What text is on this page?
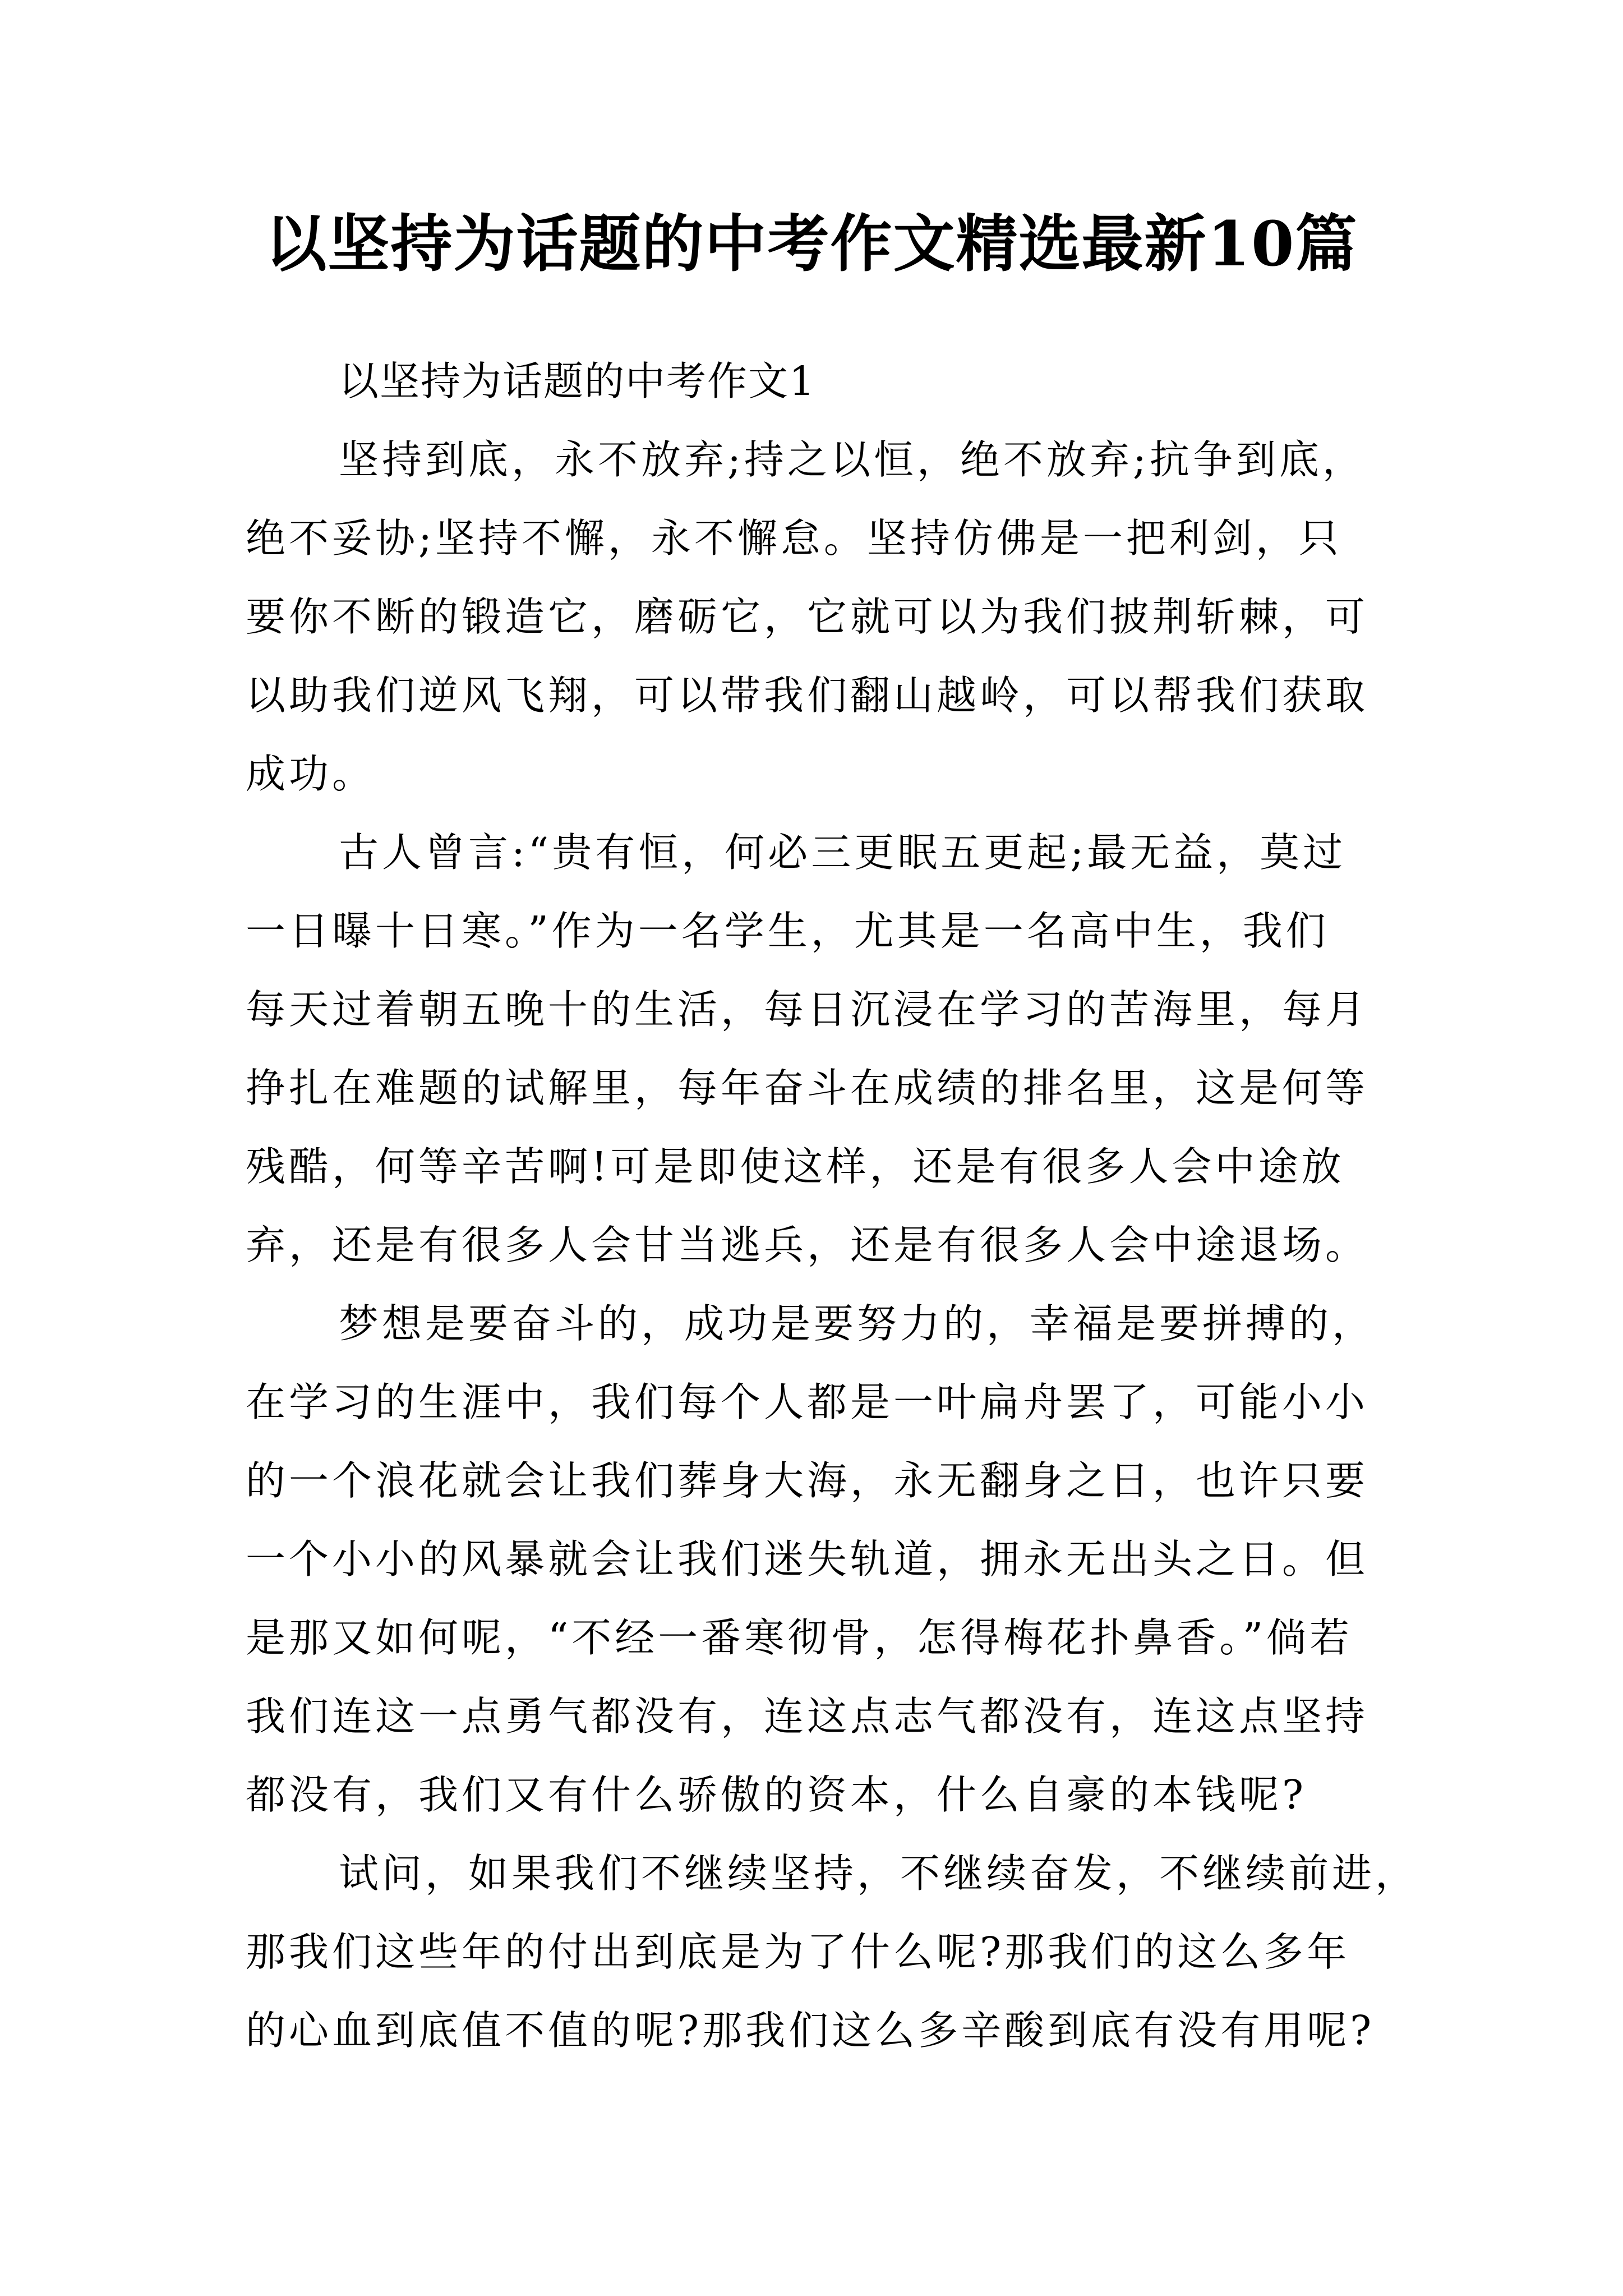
以坚持为话题的中考作文精选最新10篇
以坚持为话题的中考作文1
坚持到底，永不放弃;持之以恒，绝不放弃;抗争到底，
绝不妥协;坚持不懈，永不懈怠。坚持仿佛是一把利剑，只
要你不断的锻造它，磨砺它，它就可以为我们披荆斩棘，可
以助我们逆风飞翔，可以带我们翻山越岭，可以帮我们获取
成功。
古人曾言:“贵有恒，何必三更眠五更起;最无益，莫过
一日曝十日寒。”作为一名学生，尤其是一名高中生，我们
每天过着朝五晚十的生活，每日沉浸在学习的苦海里，每月
挣扎在难题的试解里，每年奋斗在成绩的排名里，这是何等
残酷，何等辛苦啊!可是即使这样，还是有很多人会中途放
弃，还是有很多人会甘当逃兵，还是有很多人会中途退场。
梦想是要奋斗的，成功是要努力的，幸福是要拼搏的，
在学习的生涯中，我们每个人都是一叶扁舟罢了，可能小小
的一个浪花就会让我们葬身大海，永无翻身之日，也许只要
一个小小的风暴就会让我们迷失轨道，拥永无出头之日。但
是那又如何呢，“不经一番寒彻骨，怎得梅花扑鼻香。”倘若
我们连这一点勇气都没有，连这点志气都没有，连这点坚持
都没有，我们又有什么骄傲的资本，什么自豪的本钱呢?
试问，如果我们不继续坚持，不继续奋发，不继续前进，
那我们这些年的付出到底是为了什么呢?那我们的这么多年
的心血到底值不值的呢?那我们这么多辛酸到底有没有用呢?
